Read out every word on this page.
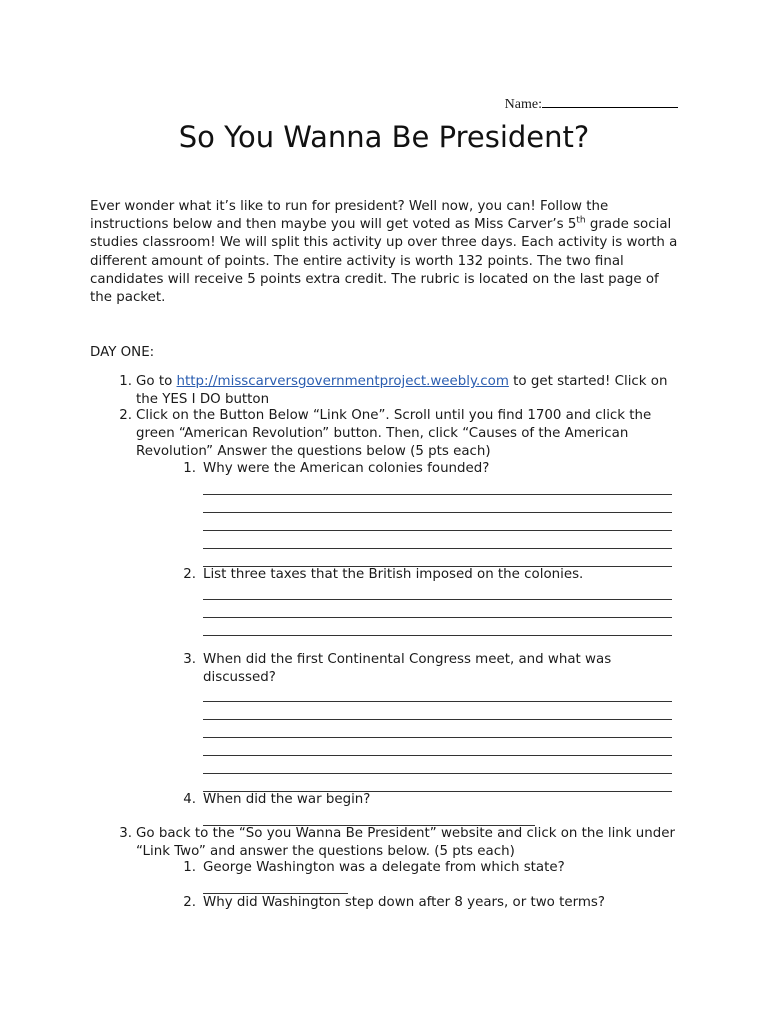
Name:
So You Wanna Be President?
Ever wonder what it’s like to run for president? Well now, you can! Follow the instructions below and then maybe you will get voted as Miss Carver’s 5th grade social studies classroom! We will split this activity up over three days. Each activity is worth a different amount of points. The entire activity is worth 132 points. The two final candidates will receive 5 points extra credit. The rubric is located on the last page of the packet.
DAY ONE:
1. Go to http://misscarversgovernmentproject.weebly.com to get started! Click on the YES I DO button
2. Click on the Button Below “Link One”. Scroll until you find 1700 and click the green “American Revolution” button. Then, click “Causes of the American Revolution” Answer the questions below (5 pts each)
1. Why were the American colonies founded?
2. List three taxes that the British imposed on the colonies.
3. When did the first Continental Congress meet, and what was discussed?
4. When did the war begin?
3. Go back to the “So you Wanna Be President” website and click on the link under “Link Two” and answer the questions below. (5 pts each)
1. George Washington was a delegate from which state?
2. Why did Washington step down after 8 years, or two terms?
